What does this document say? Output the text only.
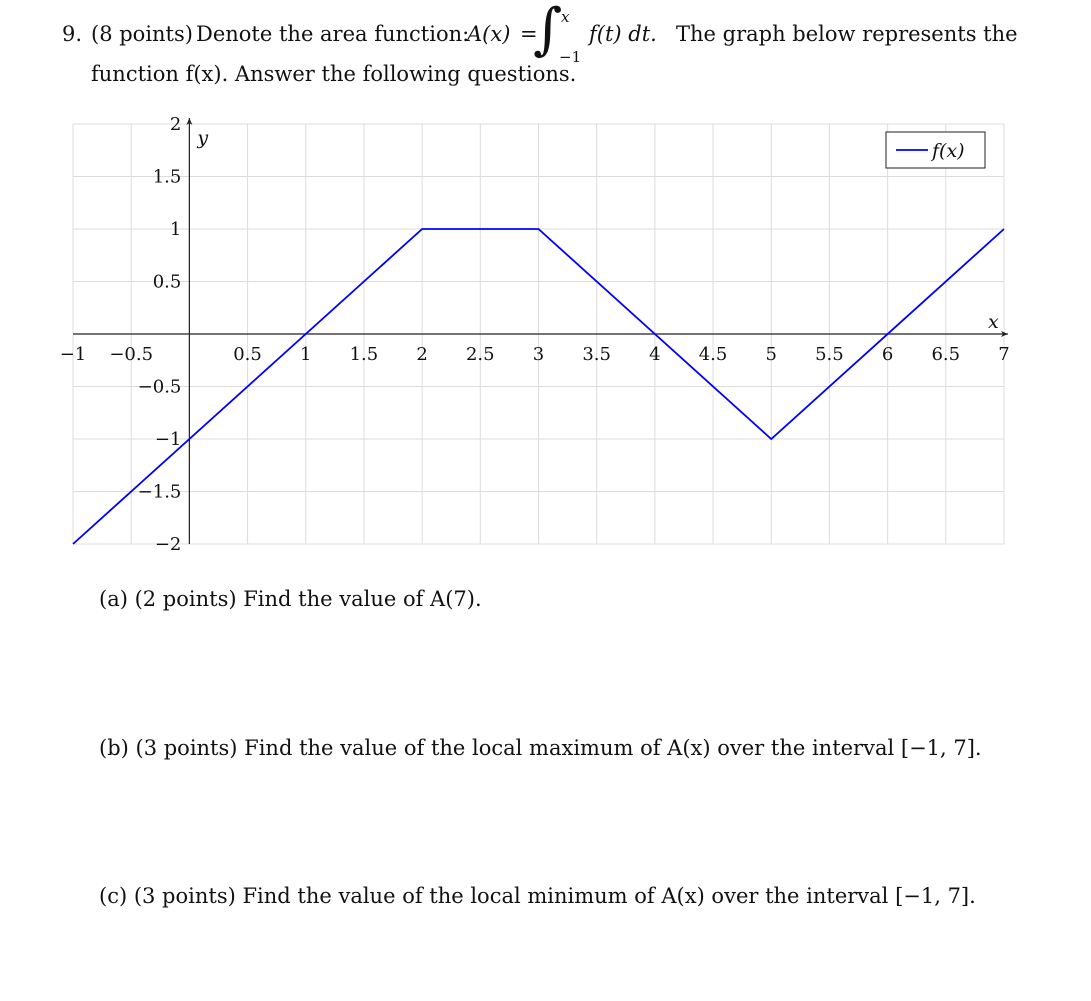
9. (8 points) Denote the area function:
A(x) =
∫
x
−1
f(t) dt. The graph below represents the
function f(x). Answer the following questions.
x
y
−1 −0.5	0.5 1 1.5 2 2.5 3 3.5 4 4.5 5 5.5 6 6.5 7
2
1.5
1
0.5
−0.5
−1
−1.5
−2
f(x)
(a) (2 points) Find the value of A(7).
(b) (3 points) Find the value of the local maximum of A(x) over the interval [−1, 7].
(c) (3 points) Find the value of the local minimum of A(x) over the interval [−1, 7].
